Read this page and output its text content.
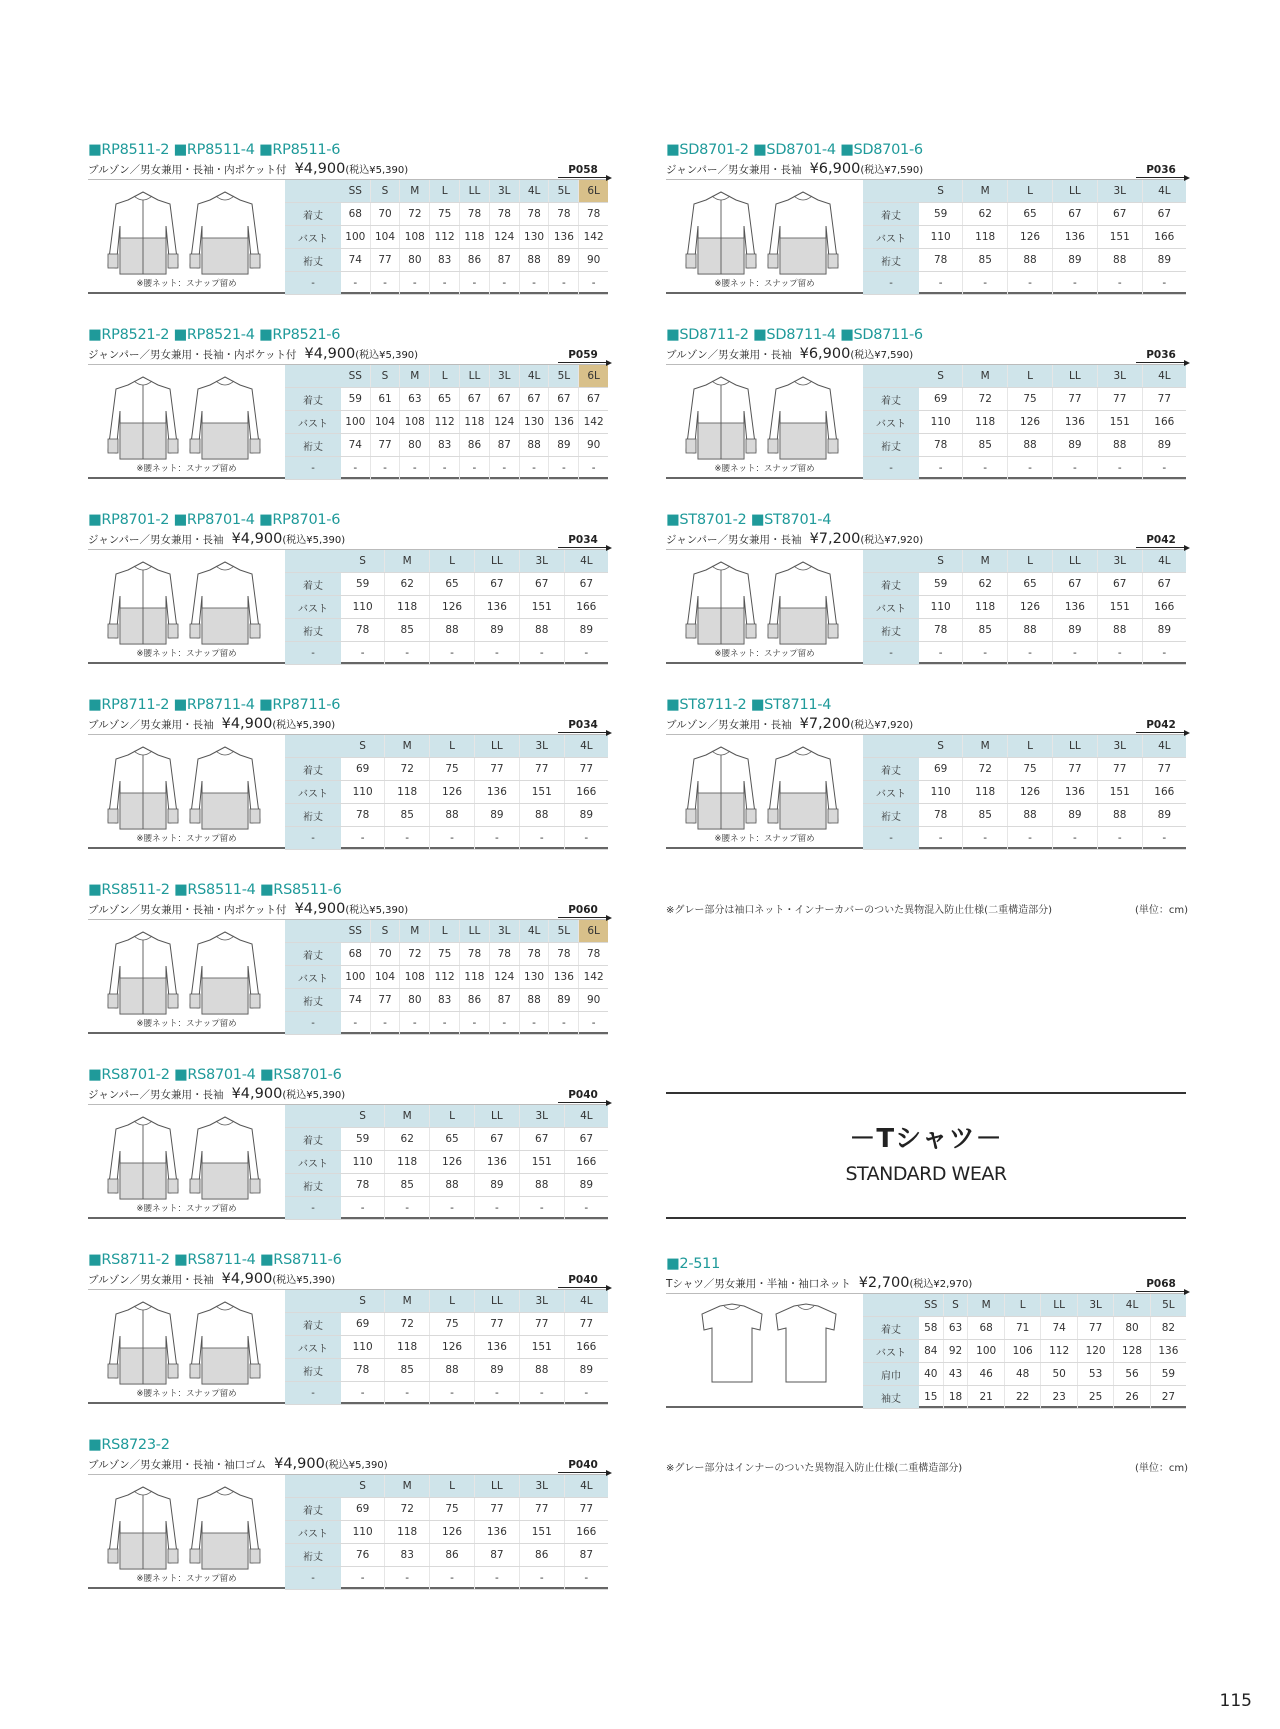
■RP8511-2 ■RP8511-4 ■RP8511-6
ブルゾン／男女兼用・長袖・内ポケット付 ¥4,900(税込¥5,390)	P058
※腰ネット：スナップ留め
	SS	S	M	L	LL	3L	4L	5L	6L
着丈	68	70	72	75	78	78	78	78	78
バスト	100	104	108	112	118	124	130	136	142
裄丈	74	77	80	83	86	87	88	89	90
-	-	-	-	-	-	-	-	-	-
■RP8521-2 ■RP8521-4 ■RP8521-6
ジャンパー／男女兼用・長袖・内ポケット付 ¥4,900(税込¥5,390)	P059
※腰ネット：スナップ留め
	SS	S	M	L	LL	3L	4L	5L	6L
着丈	59	61	63	65	67	67	67	67	67
バスト	100	104	108	112	118	124	130	136	142
裄丈	74	77	80	83	86	87	88	89	90
-	-	-	-	-	-	-	-	-	-
■RP8701-2 ■RP8701-4 ■RP8701-6
ジャンパー／男女兼用・長袖 ¥4,900(税込¥5,390)	P034
※腰ネット：スナップ留め
	S	M	L	LL	3L	4L
着丈	59	62	65	67	67	67
バスト	110	118	126	136	151	166
裄丈	78	85	88	89	88	89
-	-	-	-	-	-	-
■RP8711-2 ■RP8711-4 ■RP8711-6
ブルゾン／男女兼用・長袖 ¥4,900(税込¥5,390)	P034
※腰ネット：スナップ留め
	S	M	L	LL	3L	4L
着丈	69	72	75	77	77	77
バスト	110	118	126	136	151	166
裄丈	78	85	88	89	88	89
-	-	-	-	-	-	-
■RS8511-2 ■RS8511-4 ■RS8511-6
ブルゾン／男女兼用・長袖・内ポケット付 ¥4,900(税込¥5,390)	P060
※腰ネット：スナップ留め
	SS	S	M	L	LL	3L	4L	5L	6L
着丈	68	70	72	75	78	78	78	78	78
バスト	100	104	108	112	118	124	130	136	142
裄丈	74	77	80	83	86	87	88	89	90
-	-	-	-	-	-	-	-	-	-
■RS8701-2 ■RS8701-4 ■RS8701-6
ジャンパー／男女兼用・長袖 ¥4,900(税込¥5,390)	P040
※腰ネット：スナップ留め
	S	M	L	LL	3L	4L
着丈	59	62	65	67	67	67
バスト	110	118	126	136	151	166
裄丈	78	85	88	89	88	89
-	-	-	-	-	-	-
■RS8711-2 ■RS8711-4 ■RS8711-6
ブルゾン／男女兼用・長袖 ¥4,900(税込¥5,390)	P040
※腰ネット：スナップ留め
	S	M	L	LL	3L	4L
着丈	69	72	75	77	77	77
バスト	110	118	126	136	151	166
裄丈	78	85	88	89	88	89
-	-	-	-	-	-	-
■RS8723-2
ブルゾン／男女兼用・長袖・袖口ゴム ¥4,900(税込¥5,390)	P040
※腰ネット：スナップ留め
	S	M	L	LL	3L	4L
着丈	69	72	75	77	77	77
バスト	110	118	126	136	151	166
裄丈	76	83	86	87	86	87
-	-	-	-	-	-	-
■SD8701-2 ■SD8701-4 ■SD8701-6
ジャンパー／男女兼用・長袖 ¥6,900(税込¥7,590)	P036
※腰ネット：スナップ留め
	S	M	L	LL	3L	4L
着丈	59	62	65	67	67	67
バスト	110	118	126	136	151	166
裄丈	78	85	88	89	88	89
-	-	-	-	-	-	-
■SD8711-2 ■SD8711-4 ■SD8711-6
ブルゾン／男女兼用・長袖 ¥6,900(税込¥7,590)	P036
※腰ネット：スナップ留め
	S	M	L	LL	3L	4L
着丈	69	72	75	77	77	77
バスト	110	118	126	136	151	166
裄丈	78	85	88	89	88	89
-	-	-	-	-	-	-
■ST8701-2 ■ST8701-4
ジャンパー／男女兼用・長袖 ¥7,200(税込¥7,920)	P042
※腰ネット：スナップ留め
	S	M	L	LL	3L	4L
着丈	59	62	65	67	67	67
バスト	110	118	126	136	151	166
裄丈	78	85	88	89	88	89
-	-	-	-	-	-	-
■ST8711-2 ■ST8711-4
ブルゾン／男女兼用・長袖 ¥7,200(税込¥7,920)	P042
※腰ネット：スナップ留め
	S	M	L	LL	3L	4L
着丈	69	72	75	77	77	77
バスト	110	118	126	136	151	166
裄丈	78	85	88	89	88	89
-	-	-	-	-	-	-
※グレー部分は袖口ネット・インナーカバーのついた異物混入防止仕様(二重構造部分)	(単位：cm)
－Tシャツ－
STANDARD WEAR
■2-511
Tシャツ／男女兼用・半袖・袖口ネット ¥2,700(税込¥2,970)	P068
	SS	S	M	L	LL	3L	4L	5L
着丈	58	63	68	71	74	77	80	82
バスト	84	92	100	106	112	120	128	136
肩巾	40	43	46	48	50	53	56	59
袖丈	15	18	21	22	23	25	26	27
※グレー部分はインナーのついた異物混入防止仕様(二重構造部分)	(単位：cm)
115
